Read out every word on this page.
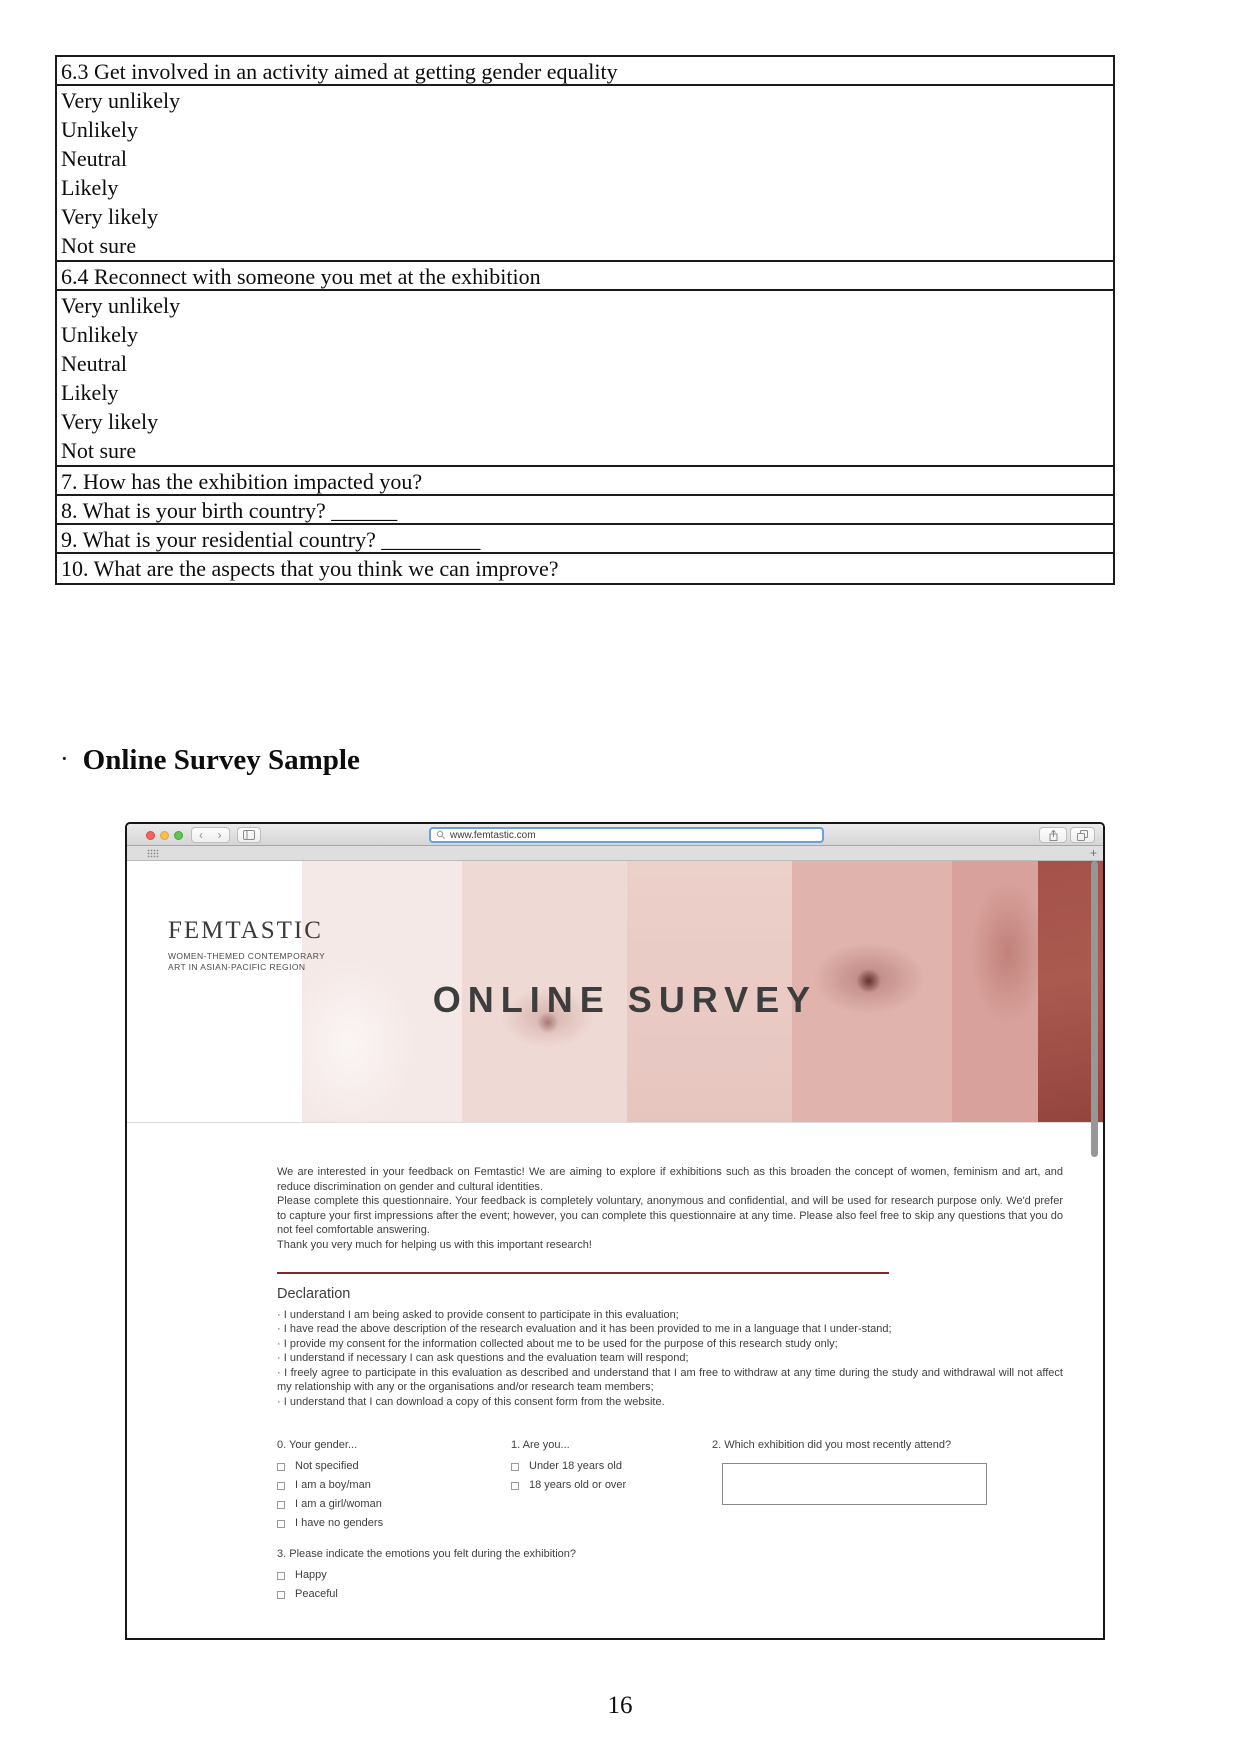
6.3 Get involved in an activity aimed at getting gender equality
Very unlikely
Unlikely
Neutral
Likely
Very likely
Not sure
6.4 Reconnect with someone you met at the exhibition
Very unlikely
Unlikely
Neutral
Likely
Very likely
Not sure
7. How has the exhibition impacted you?
8. What is your birth country? ______
9. What is your residential country? _________
10. What are the aspects that you think we can improve?
· Online Survey Sample
‹ ›	www.femtastic.com
+
FEMTASTIC
WOMEN-THEMED CONTEMPORARY
ART IN ASIAN-PACIFIC REGION
ONLINE SURVEY

We are interested in your feedback on Femtastic! We are aiming to explore if exhibitions such as this broaden the concept of women, feminism and art, and reduce discrimination on gender and cultural identities.

Please complete this questionnaire. Your feedback is completely voluntary, anonymous and confidential, and will be used for research purpose only. We'd prefer to capture your first impressions after the event; however, you can complete this questionnaire at any time. Please also feel free to skip any questions that you do not feel comfortable answering.

Thank you very much for helping us with this important research!

Declaration
· I understand I am being asked to provide consent to participate in this evaluation;
· I have read the above description of the research evaluation and it has been provided to me in a language that I under-stand;
· I provide my consent for the information collected about me to be used for the purpose of this research study only;
· I understand if necessary I can ask questions and the evaluation team will respond;
· I freely agree to participate in this evaluation as described and understand that I am free to withdraw at any time during the study and withdrawal will not affect my relationship with any or the organisations and/or research team members;
· I understand that I can download a copy of this consent form from the website.
0. Your gender...
Not specified
I am a boy/man
I am a girl/woman
I have no genders
1. Are you...
Under 18 years old
18 years old or over
2. Which exhibition did you most recently attend?
3. Please indicate the emotions you felt during the exhibition?
Happy
Peaceful
16
